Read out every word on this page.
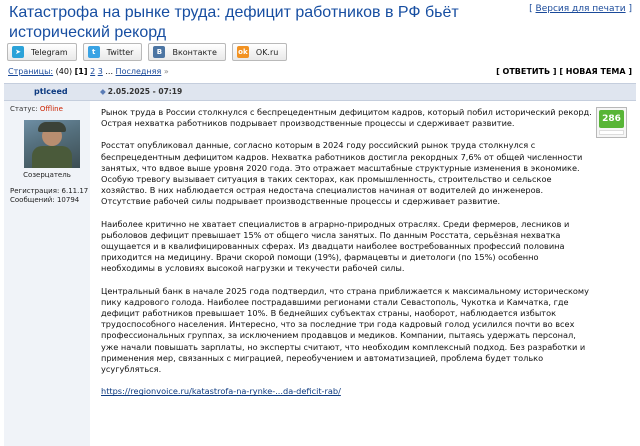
Катастрофа на рынке труда: дефицит работников в РФ бьёт исторический рекорд
[ Версия для печати ]
➤	Telegram	t	Twitter	B	Вконтакте	ok OK.ru
Страницы: (40) [1] 2 3 ... Последняя »	[ ОТВЕТИТЬ ] [ НОВАЯ ТЕМА ]
ptlceed	◆ 2.05.2025 - 07:19
Статус: Offline
Созерцатель
Регистрация: 6.11.17
Сообщений: 10794
286

Рынок труда в России столкнулся с беспрецедентным дефицитом кадров, который побил исторический рекорд. Острая нехватка работников подрывает производственные процессы и сдерживает развитие.

Росстат опубликовал данные, согласно которым в 2024 году российский рынок труда столкнулся с беспрецедентным дефицитом кадров. Нехватка работников достигла рекордных 7,6% от общей численности занятых, что вдвое выше уровня 2020 года. Это отражает масштабные структурные изменения в экономике. Особую тревогу вызывает ситуация в таких секторах, как промышленность, строительство и сельское хозяйство. В них наблюдается острая недостача специалистов начиная от водителей до инженеров. Отсутствие рабочей силы подрывает производственные процессы и сдерживает развитие.

Наиболее критично не хватает специалистов в аграрно-природных отраслях. Среди фермеров, лесников и рыболовов дефицит превышает 15% от общего числа занятых. По данным Росстата, серьёзная нехватка ощущается и в квалифицированных сферах. Из двадцати наиболее востребованных профессий половина приходится на медицину. Врачи скорой помощи (19%), фармацевты и диетологи (по 15%) особенно необходимы в условиях высокой нагрузки и текучести рабочей силы.

Центральный банк в начале 2025 года подтвердил, что страна приближается к максимальному историческому пику кадрового голода. Наиболее пострадавшими регионами стали Севастополь, Чукотка и Камчатка, где дефицит работников превышает 10%. В беднейших субъектах страны, наоборот, наблюдается избыток трудоспособного населения. Интересно, что за последние три года кадровый голод усилился почти во всех профессиональных группах, за исключением продавцов и медиков. Компании, пытаясь удержать персонал, уже начали повышать зарплаты, но эксперты считают, что необходим комплексный подход. Без разработки и применения мер, связанных с миграцией, переобучением и автоматизацией, проблема будет только усугубляться.

https://regionvoice.ru/katastrofa-na-rynke-...da-deficit-rab/
